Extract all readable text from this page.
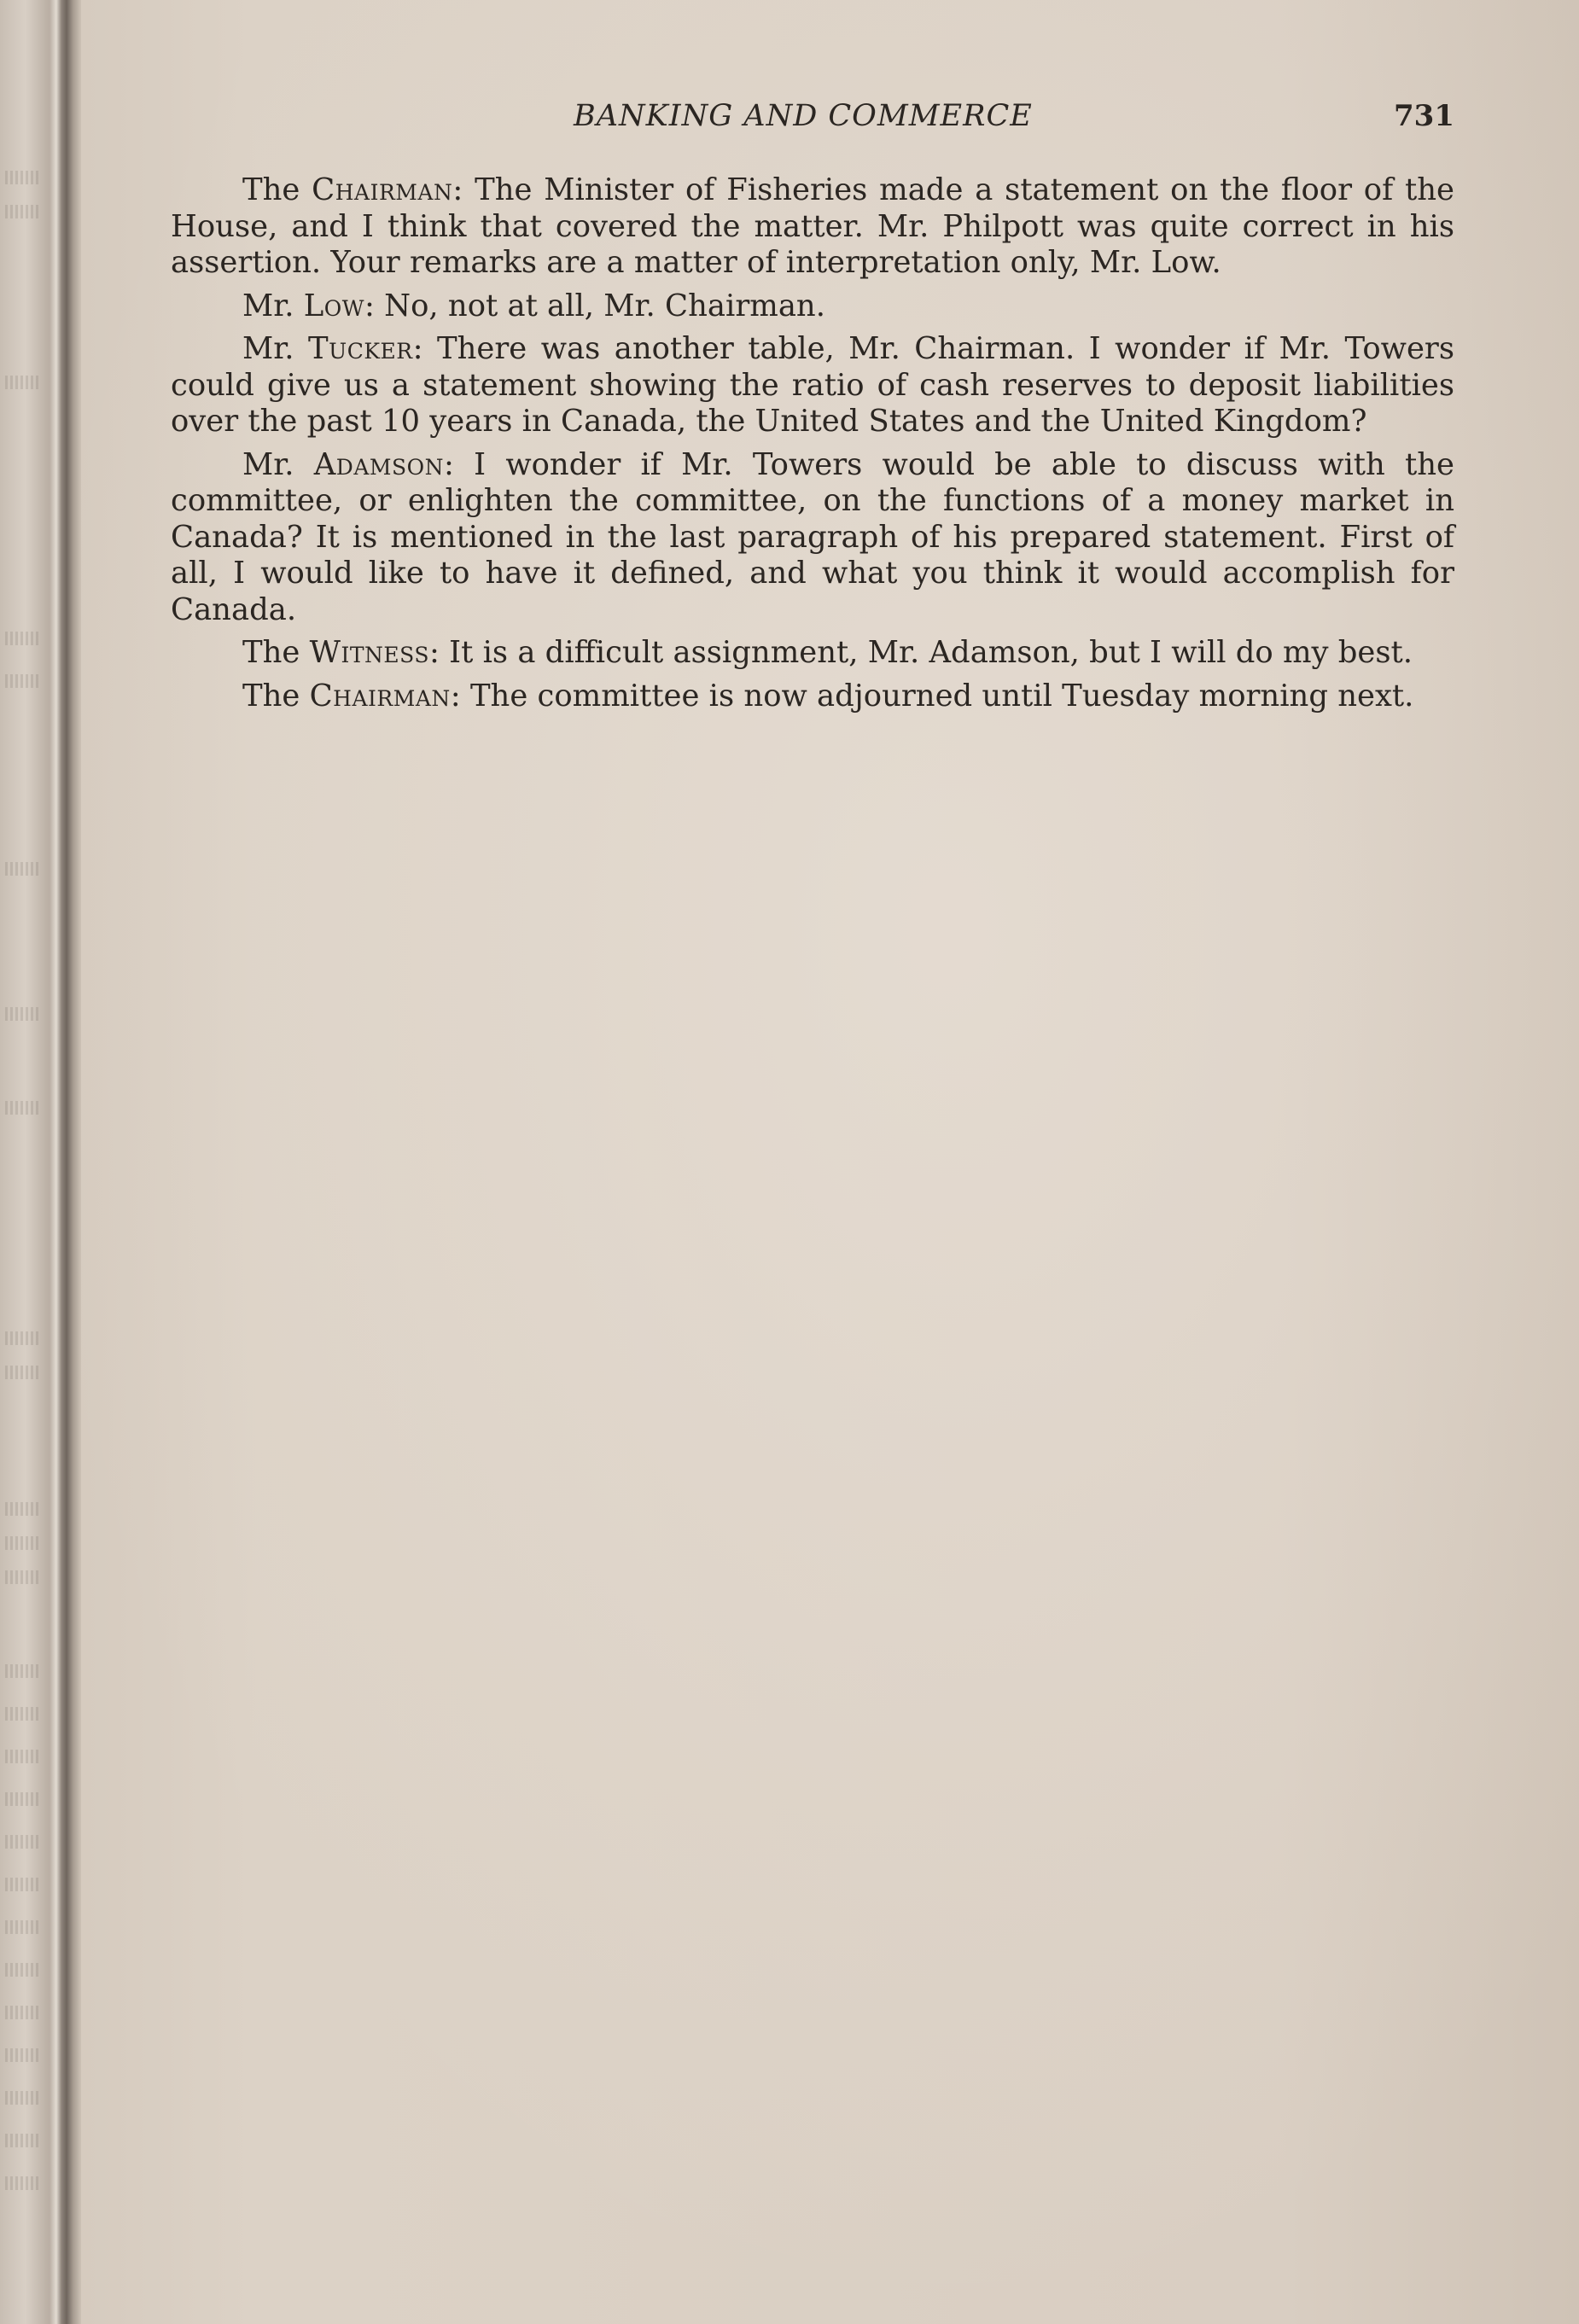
BANKING AND COMMERCE	731

The Chairman: The Minister of Fisheries made a statement on the floor of the House, and I think that covered the matter. Mr. Philpott was quite correct in his assertion. Your remarks are a matter of interpretation only, Mr. Low.

Mr. Low: No, not at all, Mr. Chairman.

Mr. Tucker: There was another table, Mr. Chairman. I wonder if Mr. Towers could give us a statement showing the ratio of cash reserves to deposit liabilities over the past 10 years in Canada, the United States and the United Kingdom?

Mr. Adamson: I wonder if Mr. Towers would be able to discuss with the committee, or enlighten the committee, on the functions of a money market in Canada? It is mentioned in the last paragraph of his prepared statement. First of all, I would like to have it defined, and what you think it would accomplish for Canada.

The Witness: It is a difficult assignment, Mr. Adamson, but I will do my best.

The Chairman: The committee is now adjourned until Tuesday morning next.
